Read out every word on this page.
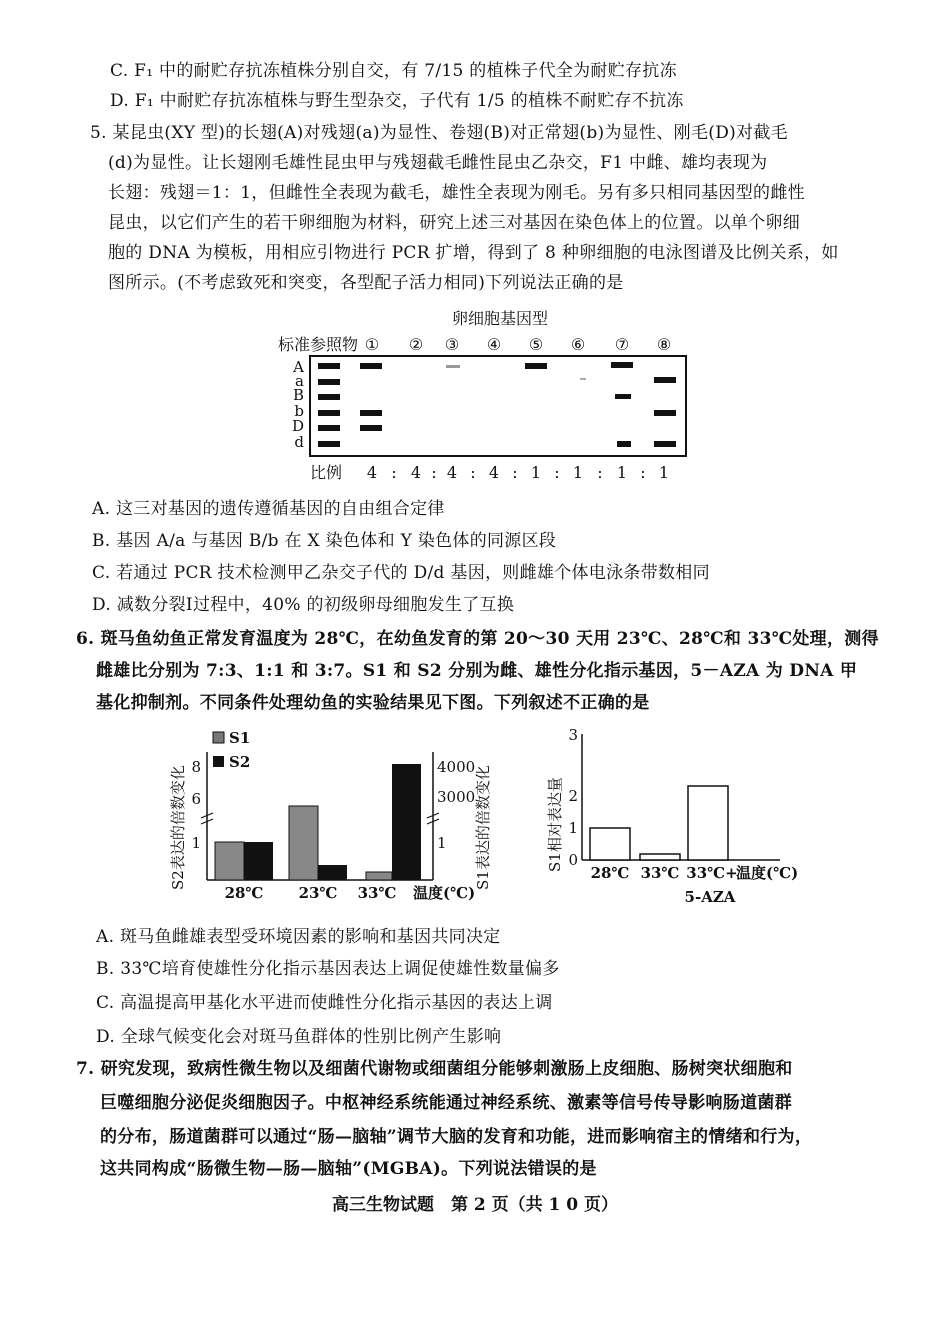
C. F₁ 中的耐贮存抗冻植株分别自交，有 7/15 的植株子代全为耐贮存抗冻
D. F₁ 中耐贮存抗冻植株与野生型杂交，子代有 1/5 的植株不耐贮存不抗冻
5. 某昆虫(XY 型)的长翅(A)对残翅(a)为显性、卷翅(B)对正常翅(b)为显性、刚毛(D)对截毛
(d)为显性。让长翅刚毛雄性昆虫甲与残翅截毛雌性昆虫乙杂交，F1 中雌、雄均表现为
长翅：残翅＝1：1，但雌性全表现为截毛，雄性全表现为刚毛。另有多只相同基因型的雌性
昆虫，以它们产生的若干卵细胞为材料，研究上述三对基因在染色体上的位置。以单个卵细
胞的 DNA 为模板，用相应引物进行 PCR 扩增，得到了 8 种卵细胞的电泳图谱及比例关系，如
图所示。(不考虑致死和突变，各型配子活力相同)下列说法正确的是
卵细胞基因型
标准参照物 ① ② ③ ④ ⑤ ⑥ ⑦ ⑧
A
a
B
b
D
d
比例 4 : 4 : 4 : 4 : 1 : 1 : 1 : 1
A. 这三对基因的遗传遵循基因的自由组合定律
B. 基因 A/a 与基因 B/b 在 X 染色体和 Y 染色体的同源区段
C. 若通过 PCR 技术检测甲乙杂交子代的 D/d 基因，则雌雄个体电泳条带数相同
D. 减数分裂Ⅰ过程中，40% 的初级卵母细胞发生了互换
6. 斑马鱼幼鱼正常发育温度为 28℃，在幼鱼发育的第 20～30 天用 23℃、28℃和 33℃处理，测得
雌雄比分别为 7:3、1:1 和 3:7。S1 和 S2 分别为雌、雄性分化指示基因，5－AZA 为 DNA 甲
基化抑制剂。不同条件处理幼鱼的实验结果见下图。下列叙述不正确的是
S2表达的倍数变化	S1表达的倍数变化
S1
S2
8
6
1
4000
3000
1
28℃ 23℃ 33℃ 温度(℃)
S1相对表达量 0
1
2
3
28℃ 33℃ 33℃+
5-AZA
温度(℃)
A. 斑马鱼雌雄表型受环境因素的影响和基因共同决定
B. 33℃培育使雄性分化指示基因表达上调促使雄性数量偏多
C. 高温提高甲基化水平进而使雌性分化指示基因的表达上调
D. 全球气候变化会对斑马鱼群体的性别比例产生影响
7. 研究发现，致病性微生物以及细菌代谢物或细菌组分能够刺激肠上皮细胞、肠树突状细胞和
巨噬细胞分泌促炎细胞因子。中枢神经系统能通过神经系统、激素等信号传导影响肠道菌群
的分布，肠道菌群可以通过“肠—脑轴”调节大脑的发育和功能，进而影响宿主的情绪和行为，
这共同构成“肠微生物—肠—脑轴”(MGBA)。下列说法错误的是
高三生物试题　第 2 页（共 1 0 页）
